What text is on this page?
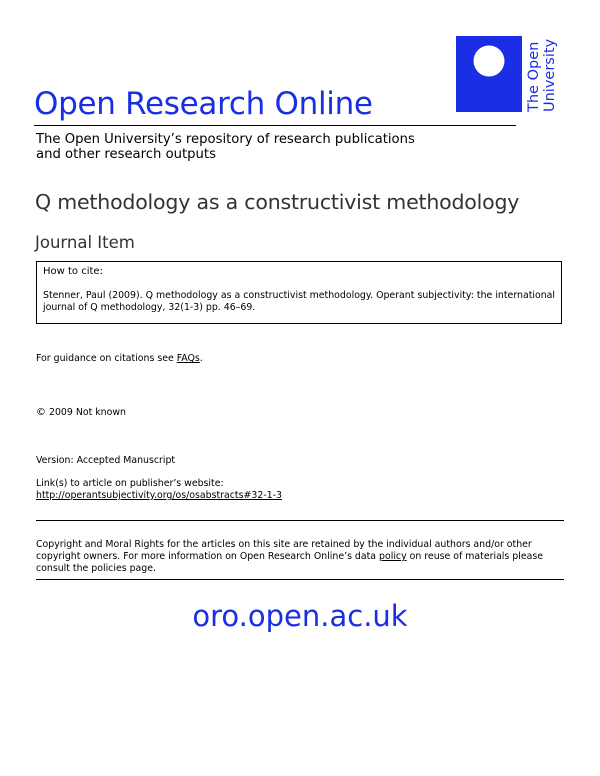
The Open University
Open Research Online
The Open University’s repository of research publications
and other research outputs
Q methodology as a constructivist methodology
Journal Item
How to cite:
Stenner, Paul (2009). Q methodology as a constructivist methodology. Operant subjectivity: the international journal of Q methodology, 32(1-3) pp. 46–69.
For guidance on citations see FAQs.
© 2009 Not known
Version: Accepted Manuscript
Link(s) to article on publisher’s website:
http://operantsubjectivity.org/os/osabstracts#32-1-3
Copyright and Moral Rights for the articles on this site are retained by the individual authors and/or other copyright owners. For more information on Open Research Online’s data policy on reuse of materials please consult the policies page.
oro.open.ac.uk
